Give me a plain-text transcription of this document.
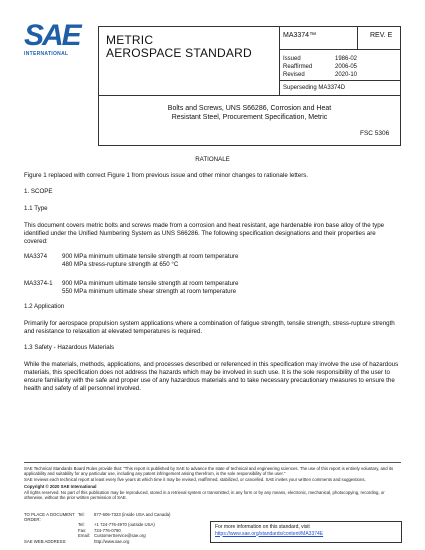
SAE
INTERNATIONAL
METRIC
AEROSPACE STANDARD
MA3374™	REV. E
Issued	1986-02
Reaffirmed	2006-05
Revised	2020-10
Superseding MA3374D
Bolts and Screws, UNS S66286, Corrosion and Heat
Resistant Steel, Procurement Specification, Metric
FSC 5306
RATIONALE
Figure 1 replaced with correct Figure 1 from previous issue and other minor changes to rationale letters.
1. SCOPE
1.1 Type
This document covers metric bolts and screws made from a corrosion and heat resistant, age hardenable iron base alloy of the type identified under the Unified Numbering System as UNS S66286. The following specification designations and their properties are covered:
MA3374 900 MPa minimum ultimate tensile strength at room temperature
480 MPa stress-rupture strength at 650 °C
MA3374-1 900 MPa minimum ultimate tensile strength at room temperature
550 MPa minimum ultimate shear strength at room temperature
1.2 Application
Primarily for aerospace propulsion system applications where a combination of fatigue strength, tensile strength, stress-rupture strength and resistance to relaxation at elevated temperatures is required.
1.3 Safety - Hazardous Materials
While the materials, methods, applications, and processes described or referenced in this specification may involve the use of hazardous materials, this specification does not address the hazards which may be involved in such use. It is the sole responsibility of the user to ensure familiarity with the safe and proper use of any hazardous materials and to take necessary precautionary measures to ensure the health and safety of all personnel involved.
SAE Technical Standards Board Rules provide that: "This report is published by SAE to advance the state of technical and engineering sciences. The use of this report is entirely voluntary, and its applicability and suitability for any particular use, including any patent infringement arising therefrom, is the sole responsibility of the user."
SAE reviews each technical report at least every five years at which time it may be revised, reaffirmed, stabilized, or cancelled. SAE invites your written comments and suggestions.
Copyright © 2020 SAE International
All rights reserved. No part of this publication may be reproduced, stored in a retrieval system or transmitted, in any form or by any means, electronic, mechanical, photocopying, recording, or otherwise, without the prior written permission of SAE.
TO PLACE A DOCUMENT ORDER:
Tel:	877-606-7323 (inside USA and Canada)
Tel:	+1 724-776-4970 (outside USA)
Fax:	724-776-0790
Email: CustomerService@sae.org
SAE WEB ADDRESS:	http://www.sae.org
For more information on this standard, visit
https://www.sae.org/standards/content/MA3374E
